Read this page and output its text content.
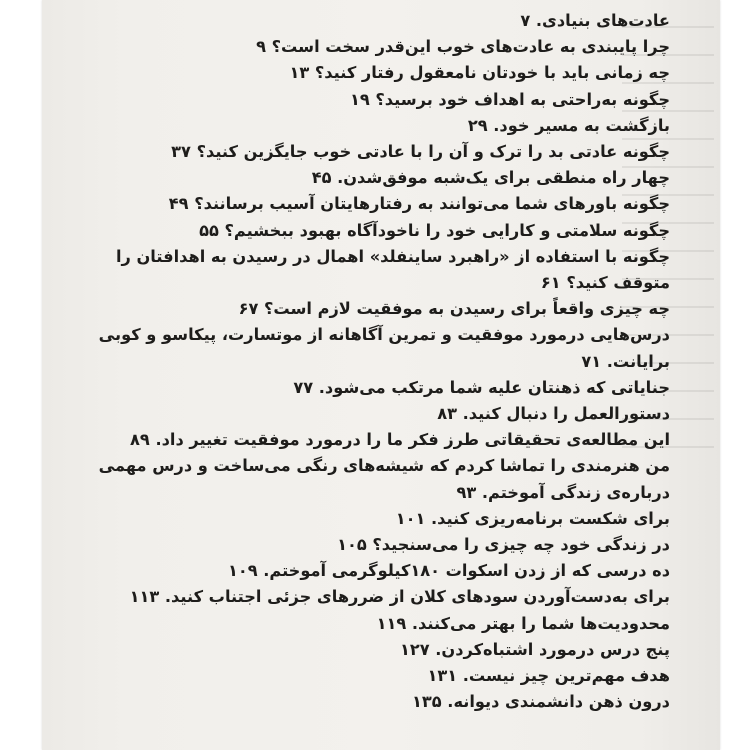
عادت‌های بنیادی. ۷
چرا پایبندی به عادت‌های خوب این‌قدر سخت است؟ ۹
چه زمانی باید با خودتان نامعقول رفتار کنید؟ ۱۳
چگونه به‌راحتی به اهداف خود برسید؟ ۱۹
بازگشت به مسیر خود. ۲۹
چگونه عادتی بد را ترک و آن را با عادتی خوب جایگزین کنید؟ ۳۷
چهار راه منطقی برای یک‌شبه موفق‌شدن. ۴۵
چگونه باورهای شما می‌توانند به رفتارهایتان آسیب برسانند؟ ۴۹
چگونه سلامتی و کارایی خود را ناخودآگاه بهبود ببخشیم؟ ۵۵
چگونه با استفاده از «راهبرد ساینفلد» اهمال در رسیدن به اهدافتان را متوقف کنید؟ ۶۱
چه چیزی واقعاً برای رسیدن به موفقیت لازم است؟ ۶۷
درس‌هایی درمورد موفقیت و تمرین آگاهانه از موتسارت، پیکاسو و کوبی برایانت. ۷۱
جنایاتی که ذهنتان علیه شما مرتکب می‌شود. ۷۷
دستورالعمل را دنبال کنید. ۸۳
این مطالعه‌ی تحقیقاتی طرز فکر ما را درمورد موفقیت تغییر داد. ۸۹
من هنرمندی را تماشا کردم که شیشه‌های رنگی می‌ساخت و درس مهمی درباره‌ی زندگی آموختم. ۹۳
برای شکست برنامه‌ریزی کنید. ۱۰۱
در زندگی خود چه چیزی را می‌سنجید؟ ۱۰۵
ده درسی که از زدن اسکوات ۱۸۰کیلوگرمی آموختم. ۱۰۹
برای به‌دست‌آوردن سودهای کلان از ضررهای جزئی اجتناب کنید. ۱۱۳
محدودیت‌ها شما را بهتر می‌کنند. ۱۱۹
پنج درس درمورد اشتباه‌کردن. ۱۲۷
هدف مهم‌ترین چیز نیست. ۱۳۱
درون ذهن دانشمندی دیوانه. ۱۳۵
